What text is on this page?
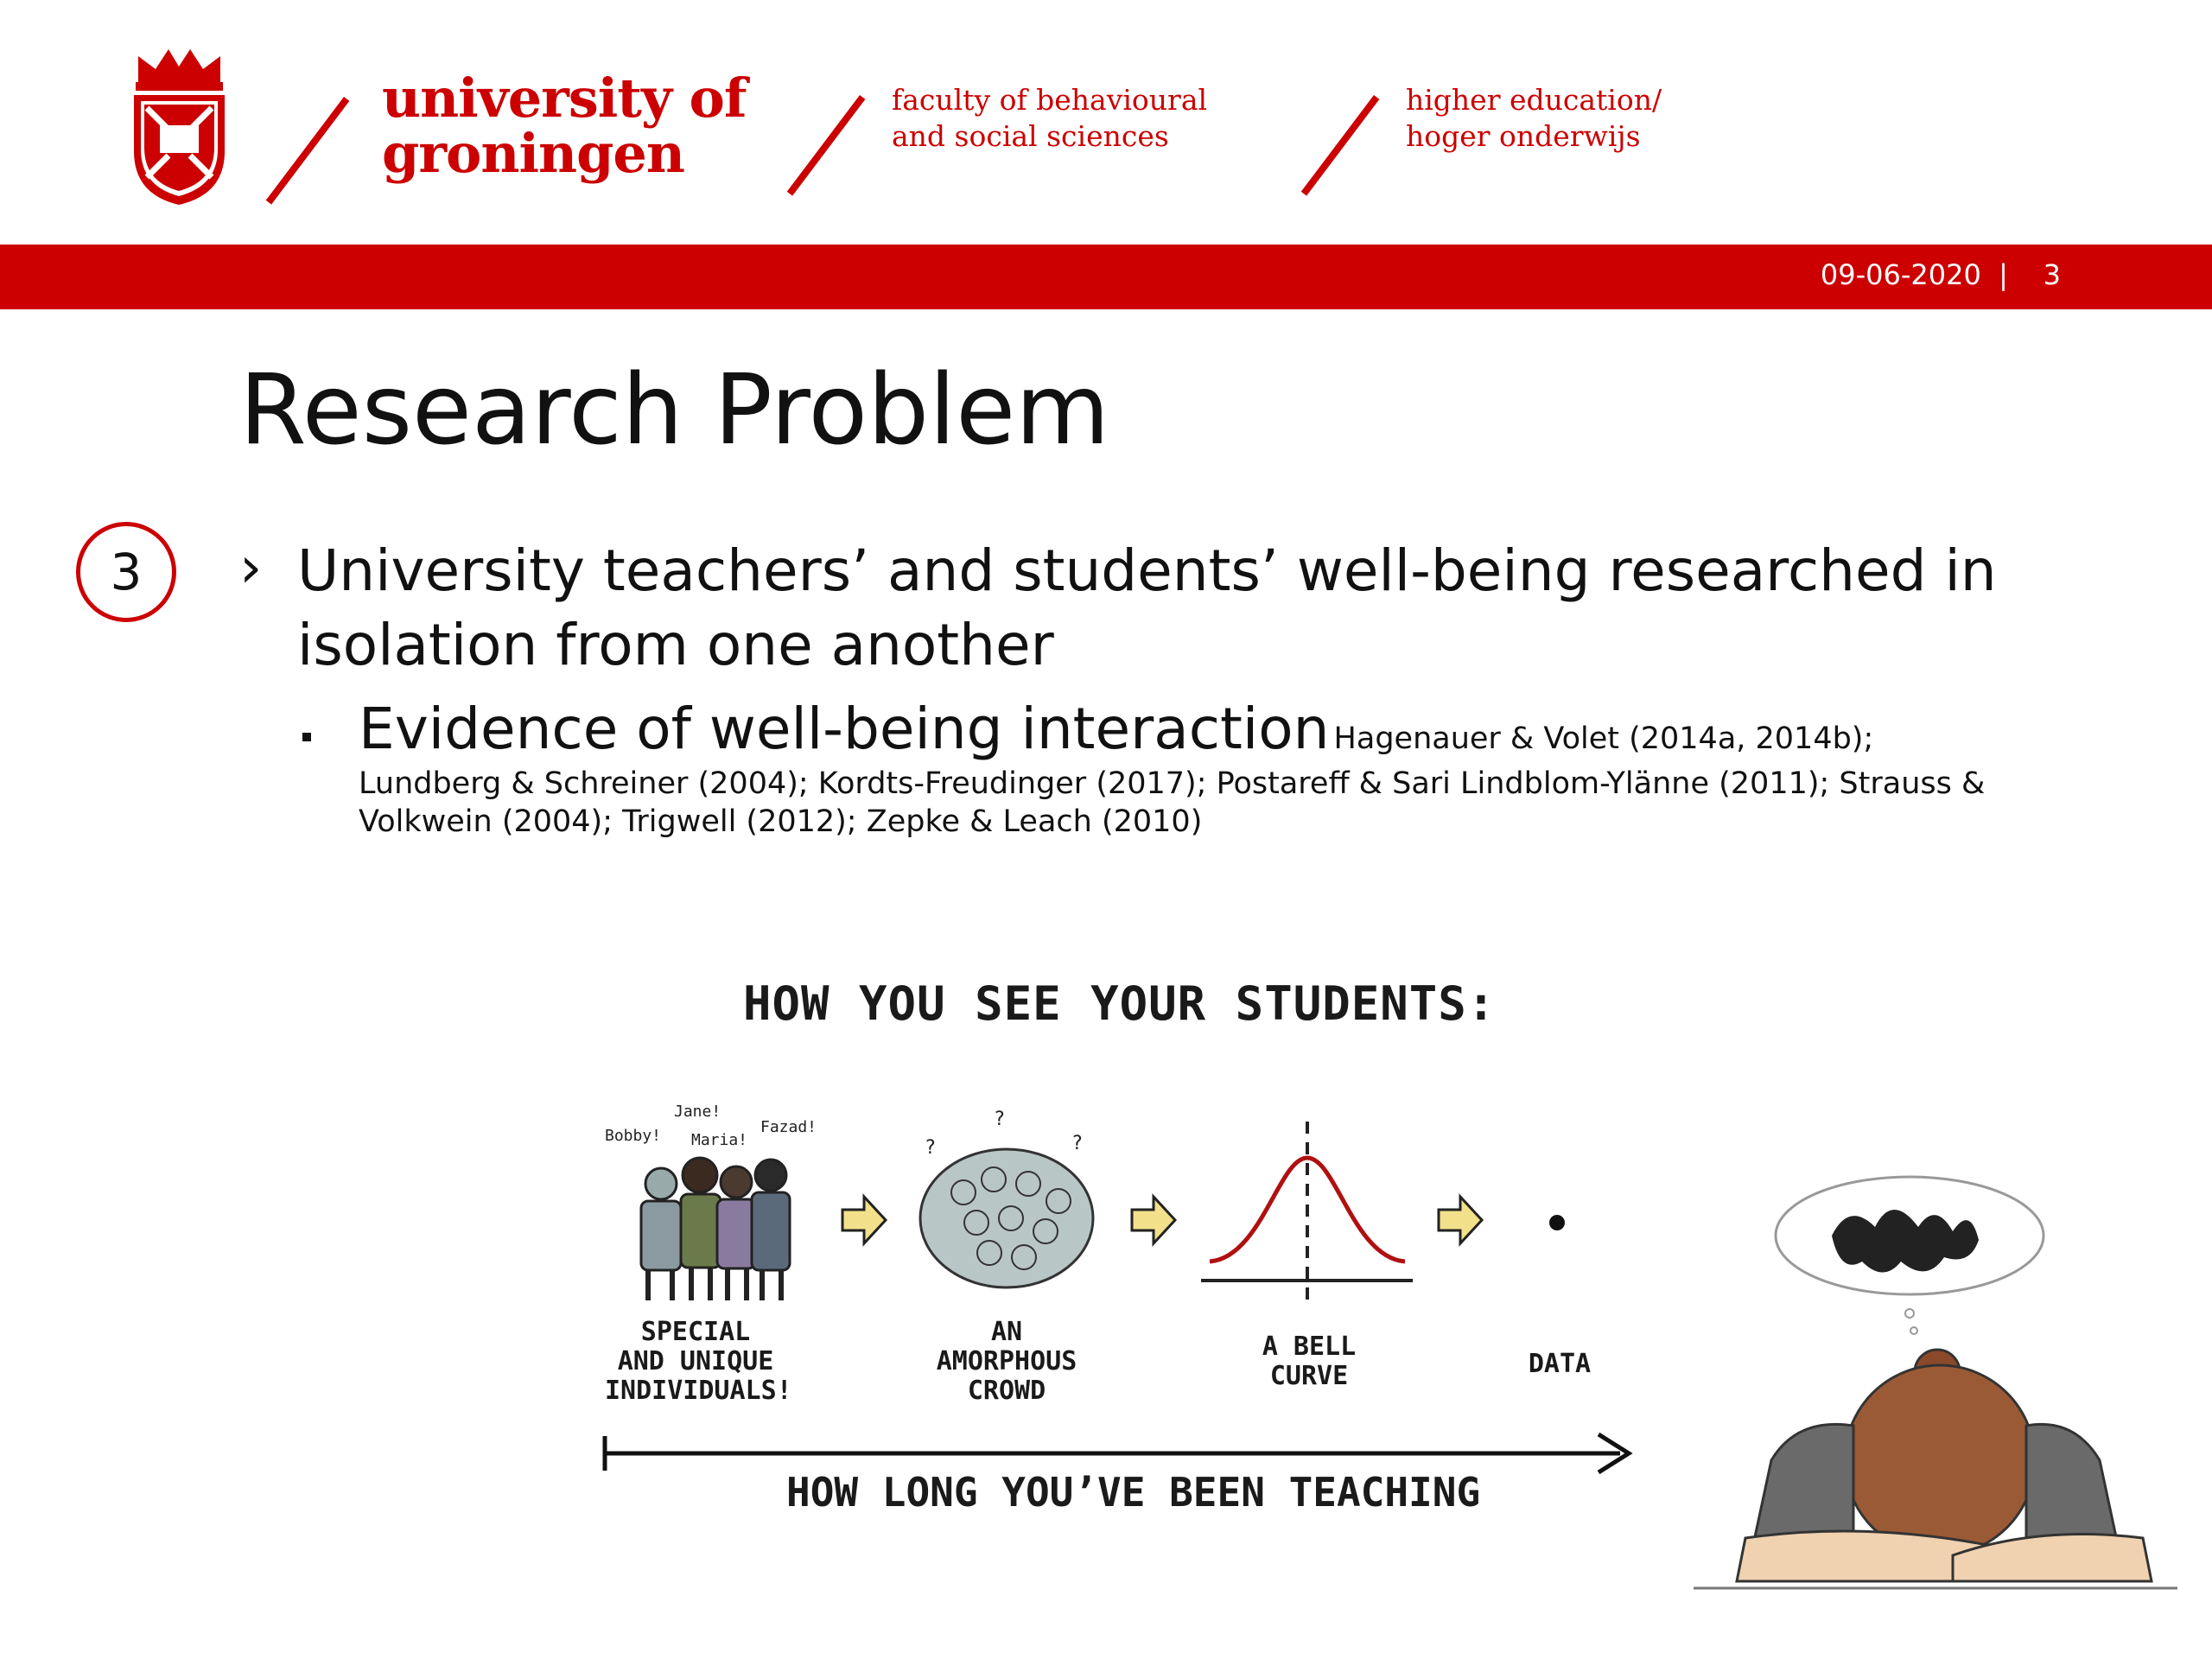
university of
groningen
faculty of behavioural
and social sciences
higher education/
hoger onderwijs
09-06-2020 | 3
Research Problem
3 › University teachers’ and students’ well-being researched in isolation from one another
Evidence of well-being interaction Hagenauer & Volet (2014a, 2014b);
Lundberg & Schreiner (2004); Kordts-Freudinger (2017); Postareff & Sari Lindblom-Ylänne (2011); Strauss & Volkwein (2004); Trigwell (2012); Zepke & Leach (2010)
HOW YOU SEE YOUR STUDENTS:
Bobby!
Jane!
Maria!
Fazad!
?
?
?
SPECIAL
AND UNIQUE
INDIVIDUALS!
AN
AMORPHOUS
CROWD
A BELL
CURVE	DATA
HOW LONG YOU’VE BEEN TEACHING
